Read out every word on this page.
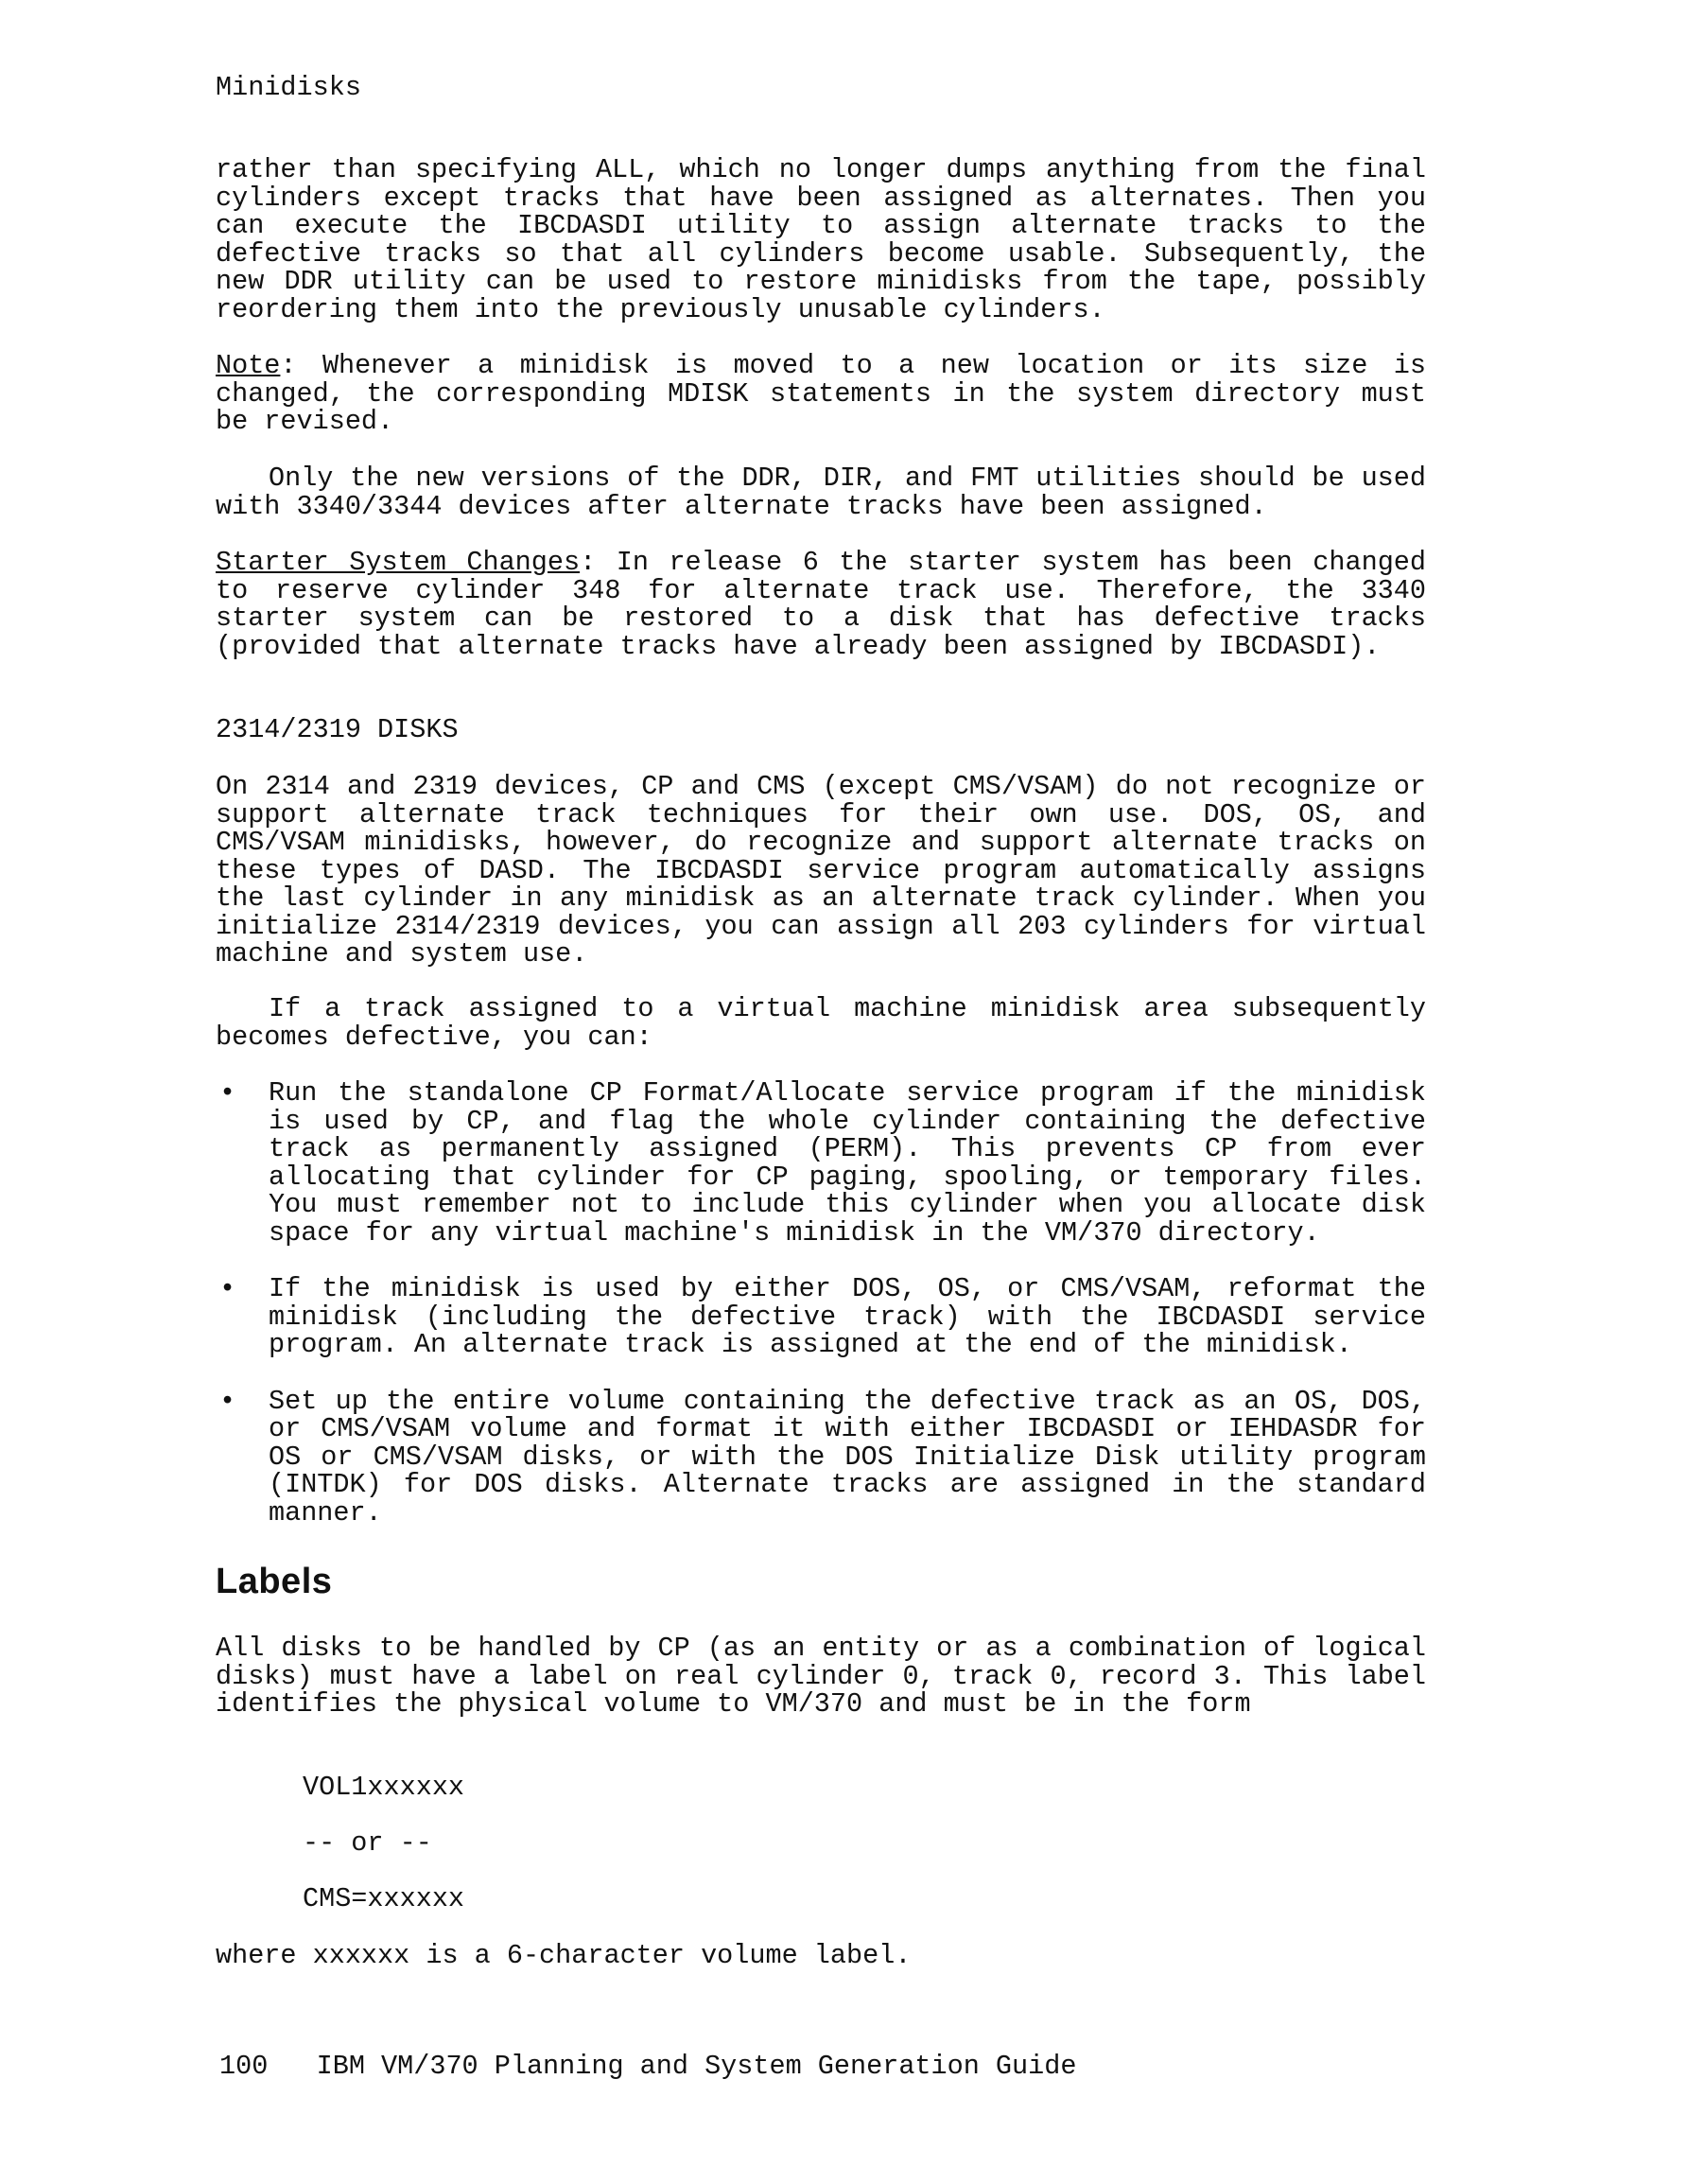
Minidisks

rather than specifying ALL, which no longer dumps anything from the final cylinders except tracks that have been assigned as alternates. Then you can execute the IBCDASDI utility to assign alternate tracks to the defective tracks so that all cylinders become usable. Subsequently, the new DDR utility can be used to restore minidisks from the tape, possibly reordering them into the previously unusable cylinders.

Note: Whenever a minidisk is moved to a new location or its size is changed, the corresponding MDISK statements in the system directory must be revised.

Only the new versions of the DDR, DIR, and FMT utilities should be used with 3340/3344 devices after alternate tracks have been assigned.

Starter System Changes: In release 6 the starter system has been changed to reserve cylinder 348 for alternate track use. Therefore, the 3340 starter system can be restored to a disk that has defective tracks (provided that alternate tracks have already been assigned by IBCDASDI).

2314/2319 DISKS

On 2314 and 2319 devices, CP and CMS (except CMS/VSAM) do not recognize or support alternate track techniques for their own use. DOS, OS, and CMS/VSAM minidisks, however, do recognize and support alternate tracks on these types of DASD. The IBCDASDI service program automatically assigns the last cylinder in any minidisk as an alternate track cylinder. When you initialize 2314/2319 devices, you can assign all 203 cylinders for virtual machine and system use.

If a track assigned to a virtual machine minidisk area subsequently becomes defective, you can:

• Run the standalone CP Format/Allocate service program if the minidisk is used by CP, and flag the whole cylinder containing the defective track as permanently assigned (PERM). This prevents CP from ever allocating that cylinder for CP paging, spooling, or temporary files. You must remember not to include this cylinder when you allocate disk space for any virtual machine's minidisk in the VM/370 directory.

• If the minidisk is used by either DOS, OS, or CMS/VSAM, reformat the minidisk (including the defective track) with the IBCDASDI service program. An alternate track is assigned at the end of the minidisk.

• Set up the entire volume containing the defective track as an OS, DOS, or CMS/VSAM volume and format it with either IBCDASDI or IEHDASDR for OS or CMS/VSAM disks, or with the DOS Initialize Disk utility program (INTDK) for DOS disks. Alternate tracks are assigned in the standard manner.

Labels

All disks to be handled by CP (as an entity or as a combination of logical disks) must have a label on real cylinder 0, track 0, record 3. This label identifies the physical volume to VM/370 and must be in the form

VOL1xxxxxx

-- or --

CMS=xxxxxx

where xxxxxx is a 6-character volume label.

100   IBM VM/370 Planning and System Generation Guide
